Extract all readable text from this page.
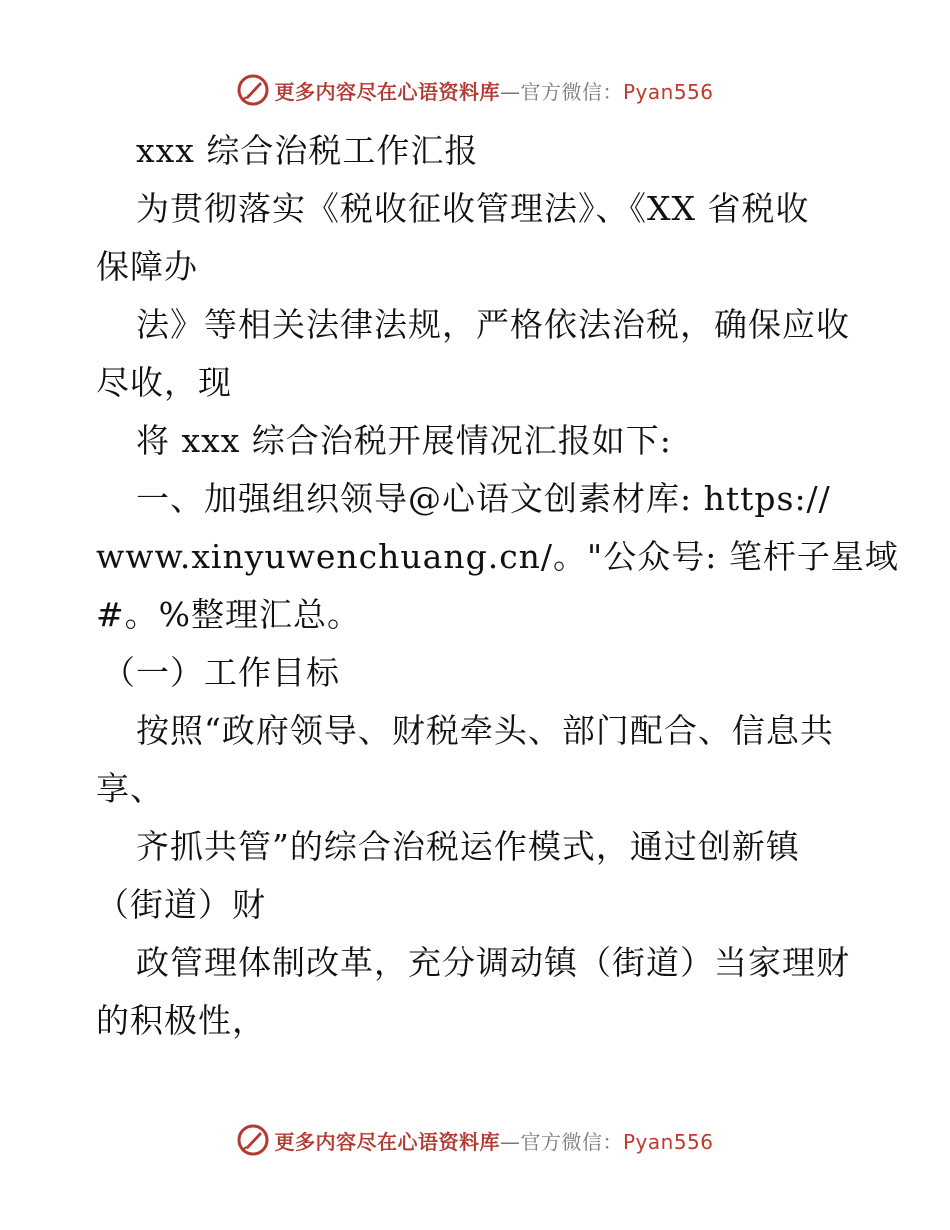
更多内容尽在心语资料库—官方微信：Pyan556
xxx 综合治税工作汇报
为贯彻落实《税收征收管理法》、《XX 省税收
保障办
法》等相关法律法规，严格依法治税，确保应收
尽收，现
将 xxx 综合治税开展情况汇报如下:
一、加强组织领导@心语文创素材库: https://
www.xinyuwenchuang.cn/。"公众号: 笔杆子星域
#。%整理汇总。
（一）工作目标
按照“政府领导、财税牵头、部门配合、信息共
享、
齐抓共管”的综合治税运作模式，通过创新镇
（街道）财
政管理体制改革，充分调动镇（街道）当家理财
的积极性，
更多内容尽在心语资料库—官方微信：Pyan556
